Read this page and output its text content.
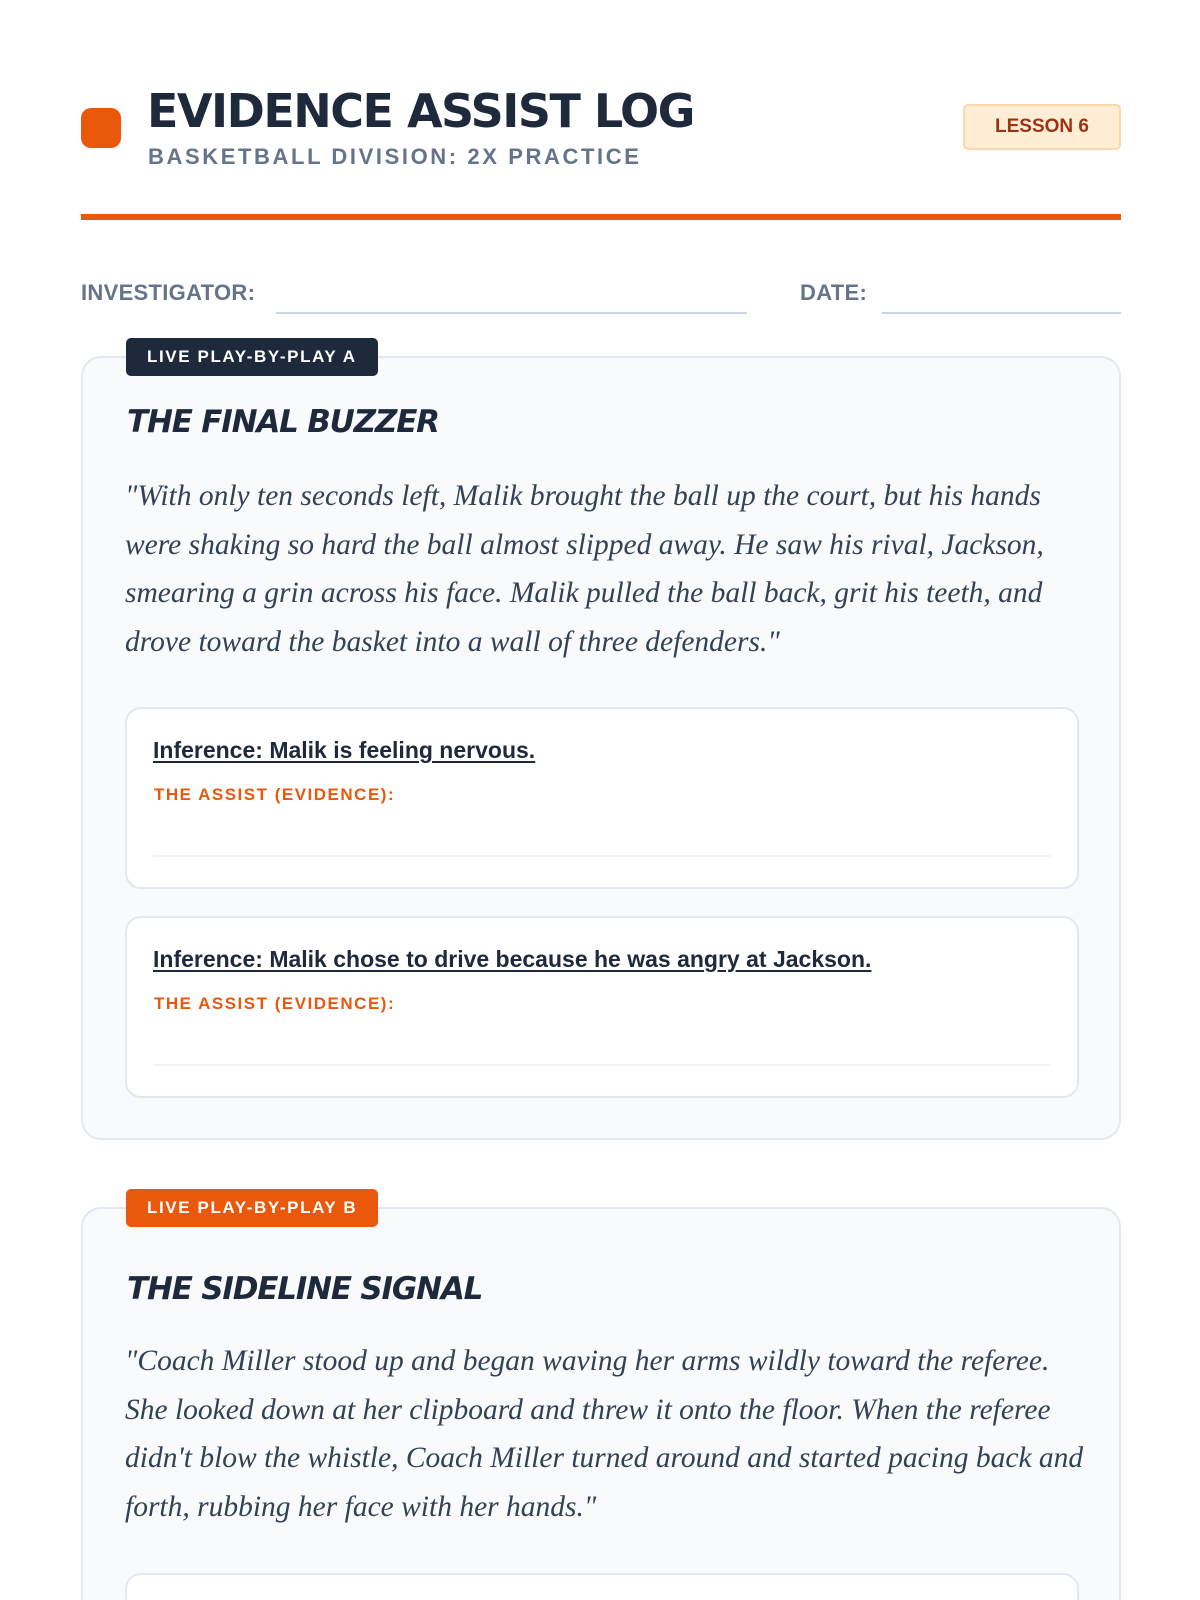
EVIDENCE ASSIST LOG
BASKETBALL DIVISION: 2X PRACTICE
LESSON 6
INVESTIGATOR:	DATE:
LIVE PLAY-BY-PLAY A
THE FINAL BUZZER
"With only ten seconds left, Malik brought the ball up the court, but his hands were shaking so hard the ball almost slipped away. He saw his rival, Jackson, smearing a grin across his face. Malik pulled the ball back, grit his teeth, and drove toward the basket into a wall of three defenders."
Inference: Malik is feeling nervous.
THE ASSIST (EVIDENCE):
Inference: Malik chose to drive because he was angry at Jackson.
THE ASSIST (EVIDENCE):
LIVE PLAY-BY-PLAY B
THE SIDELINE SIGNAL
"Coach Miller stood up and began waving her arms wildly toward the referee. She looked down at her clipboard and threw it onto the floor. When the referee didn't blow the whistle, Coach Miller turned around and started pacing back and forth, rubbing her face with her hands."
